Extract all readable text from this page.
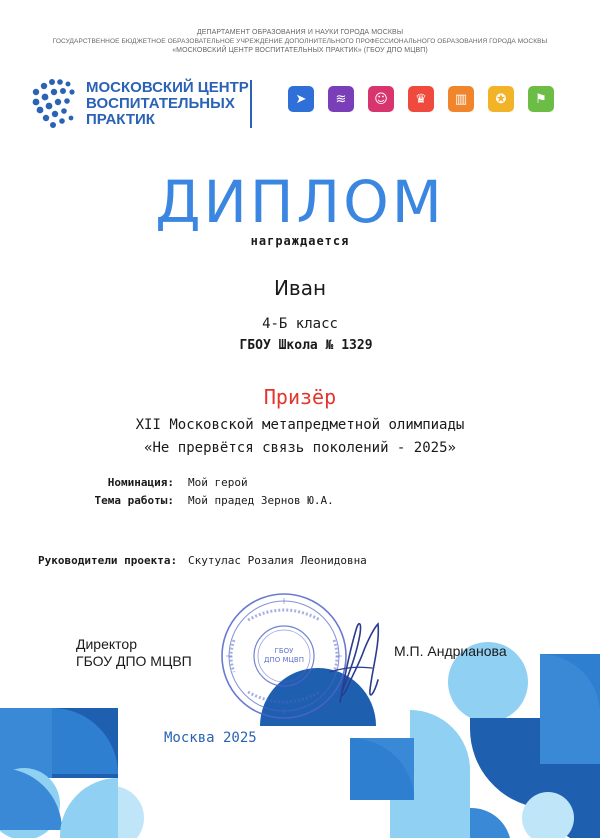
ДЕПАРТАМЕНТ ОБРАЗОВАНИЯ И НАУКИ ГОРОДА МОСКВЫ
ГОСУДАРСТВЕННОЕ БЮДЖЕТНОЕ ОБРАЗОВАТЕЛЬНОЕ УЧРЕЖДЕНИЕ ДОПОЛНИТЕЛЬНОГО ПРОФЕССИОНАЛЬНОГО ОБРАЗОВАНИЯ ГОРОДА МОСКВЫ
«МОСКОВСКИЙ ЦЕНТР ВОСПИТАТЕЛЬНЫХ ПРАКТИК» (ГБОУ ДПО МЦВП)
МОСКОВСКИЙ ЦЕНТР
ВОСПИТАТЕЛЬНЫХ
ПРАКТИК
➤	≋	☺	♛	▥	✪	⚑
ДИПЛОМ
награждается
Иван
4-Б класс
ГБОУ Школа № 1329
Призёр
XII Московской метапредметной олимпиады
«Не прервётся связь поколений - 2025»
Номинация: Мой герой
Тема работы: Мой прадед Зернов Ю.А.
Руководители проекта: Скутулас Розалия Леонидовна
ГБОУ
ДПО МЦВП
Директор
ГБОУ ДПО МЦВП
М.П. Андрианова
Москва 2025
